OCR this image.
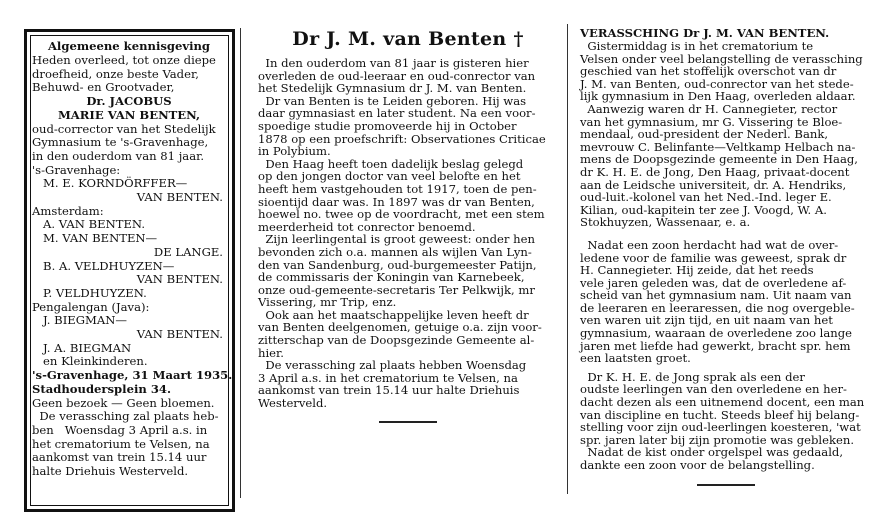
Algemeene kennisgeving

Heden overleed, tot onze diepe

droefheid, onze beste Vader,

Behuwd- en Grootvader,

Dr. JACOBUS

MARIE VAN BENTEN,

oud-corrector van het Stedelijk

Gymnasium te 's-Gravenhage,

in den ouderdom van 81 jaar.

's-Gravenhage:

M. E. KORNDÖRFFER—

VAN BENTEN.

Amsterdam:

A. VAN BENTEN.

M. VAN BENTEN—

DE LANGE.

B. A. VELDHUYZEN—

VAN BENTEN.

P. VELDHUYZEN.

Pengalengan (Java):

J. BIEGMAN—

VAN BENTEN.

J. A. BIEGMAN

en Kleinkinderen.

's-Gravenhage, 31 Maart 1935.

Stadhoudersplein 34.

Geen bezoek — Geen bloemen.

De verassching zal plaats heb-

ben   Woensdag 3 April a.s. in

het crematorium te Velsen, na

aankomst van trein 15.14 uur

halte Driehuis Westerveld.

Dr J. M. van Benten †

In den ouderdom van 81 jaar is gisteren hier

overleden de oud-leeraar en oud-conrector van

het Stedelijk Gymnasium dr J. M. van Benten.

Dr van Benten is te Leiden geboren. Hij was

daar gymnasiast en later student. Na een voor-

spoedige studie promoveerde hij in October

1878 op een proefschrift: Observationes Criticae

in Polybium.

Den Haag heeft toen dadelijk beslag gelegd

op den jongen doctor van veel belofte en het

heeft hem vastgehouden tot 1917, toen de pen-

sioentijd daar was. In 1897 was dr van Benten,

hoewel no. twee op de voordracht, met een stem

meerderheid tot conrector benoemd.

Zijn leerlingental is groot geweest: onder hen

bevonden zich o.a. mannen als wijlen Van Lyn-

den van Sandenburg, oud-burgemeester Patijn,

de commissaris der Koningin van Karnebeek,

onze oud-gemeente-secretaris Ter Pelkwijk, mr

Vissering, mr Trip, enz.

Ook aan het maatschappelijke leven heeft dr

van Benten deelgenomen, getuige o.a. zijn voor-

zitterschap van de Doopsgezinde Gemeente al-

hier.

De verassching zal plaats hebben Woensdag

3 April a.s. in het crematorium te Velsen, na

aankomst van trein 15.14 uur halte Driehuis

Westerveld.

VERASSCHING Dr J. M. VAN BENTEN.

Gistermiddag is in het crematorium te

Velsen onder veel belangstelling de verassching

geschied van het stoffelijk overschot van dr

J. M. van Benten, oud-conrector van het stede-

lijk gymnasium in Den Haag, overleden aldaar.

Aanwezig waren dr H. Cannegieter, rector

van het gymnasium, mr G. Vissering te Bloe-

mendaal, oud-president der Nederl. Bank,

mevrouw C. Belinfante—Veltkamp Helbach na-

mens de Doopsgezinde gemeente in Den Haag,

dr K. H. E. de Jong, Den Haag, privaat-docent

aan de Leidsche universiteit, dr. A. Hendriks,

oud-luit.-kolonel van het Ned.-Ind. leger E.

Kilian, oud-kapitein ter zee J. Voogd, W. A.

Stokhuyzen, Wassenaar, e. a.

Nadat een zoon herdacht had wat de over-

ledene voor de familie was geweest, sprak dr

H. Cannegieter. Hij zeide, dat het reeds

vele jaren geleden was, dat de overledene af-

scheid van het gymnasium nam. Uit naam van

de leeraren en leeraressen, die nog overgeble-

ven waren uit zijn tijd, en uit naam van het

gymnasium, waaraan de overledene zoo lange

jaren met liefde had gewerkt, bracht spr. hem

een laatsten groet.

Dr K. H. E. de Jong sprak als een der

oudste leerlingen van den overledene en her-

dacht dezen als een uitnemend docent, een man

van discipline en tucht. Steeds bleef hij belang-

stelling voor zijn oud-leerlingen koesteren, 'wat

spr. jaren later bij zijn promotie was gebleken.

Nadat de kist onder orgelspel was gedaald,

dankte een zoon voor de belangstelling.
